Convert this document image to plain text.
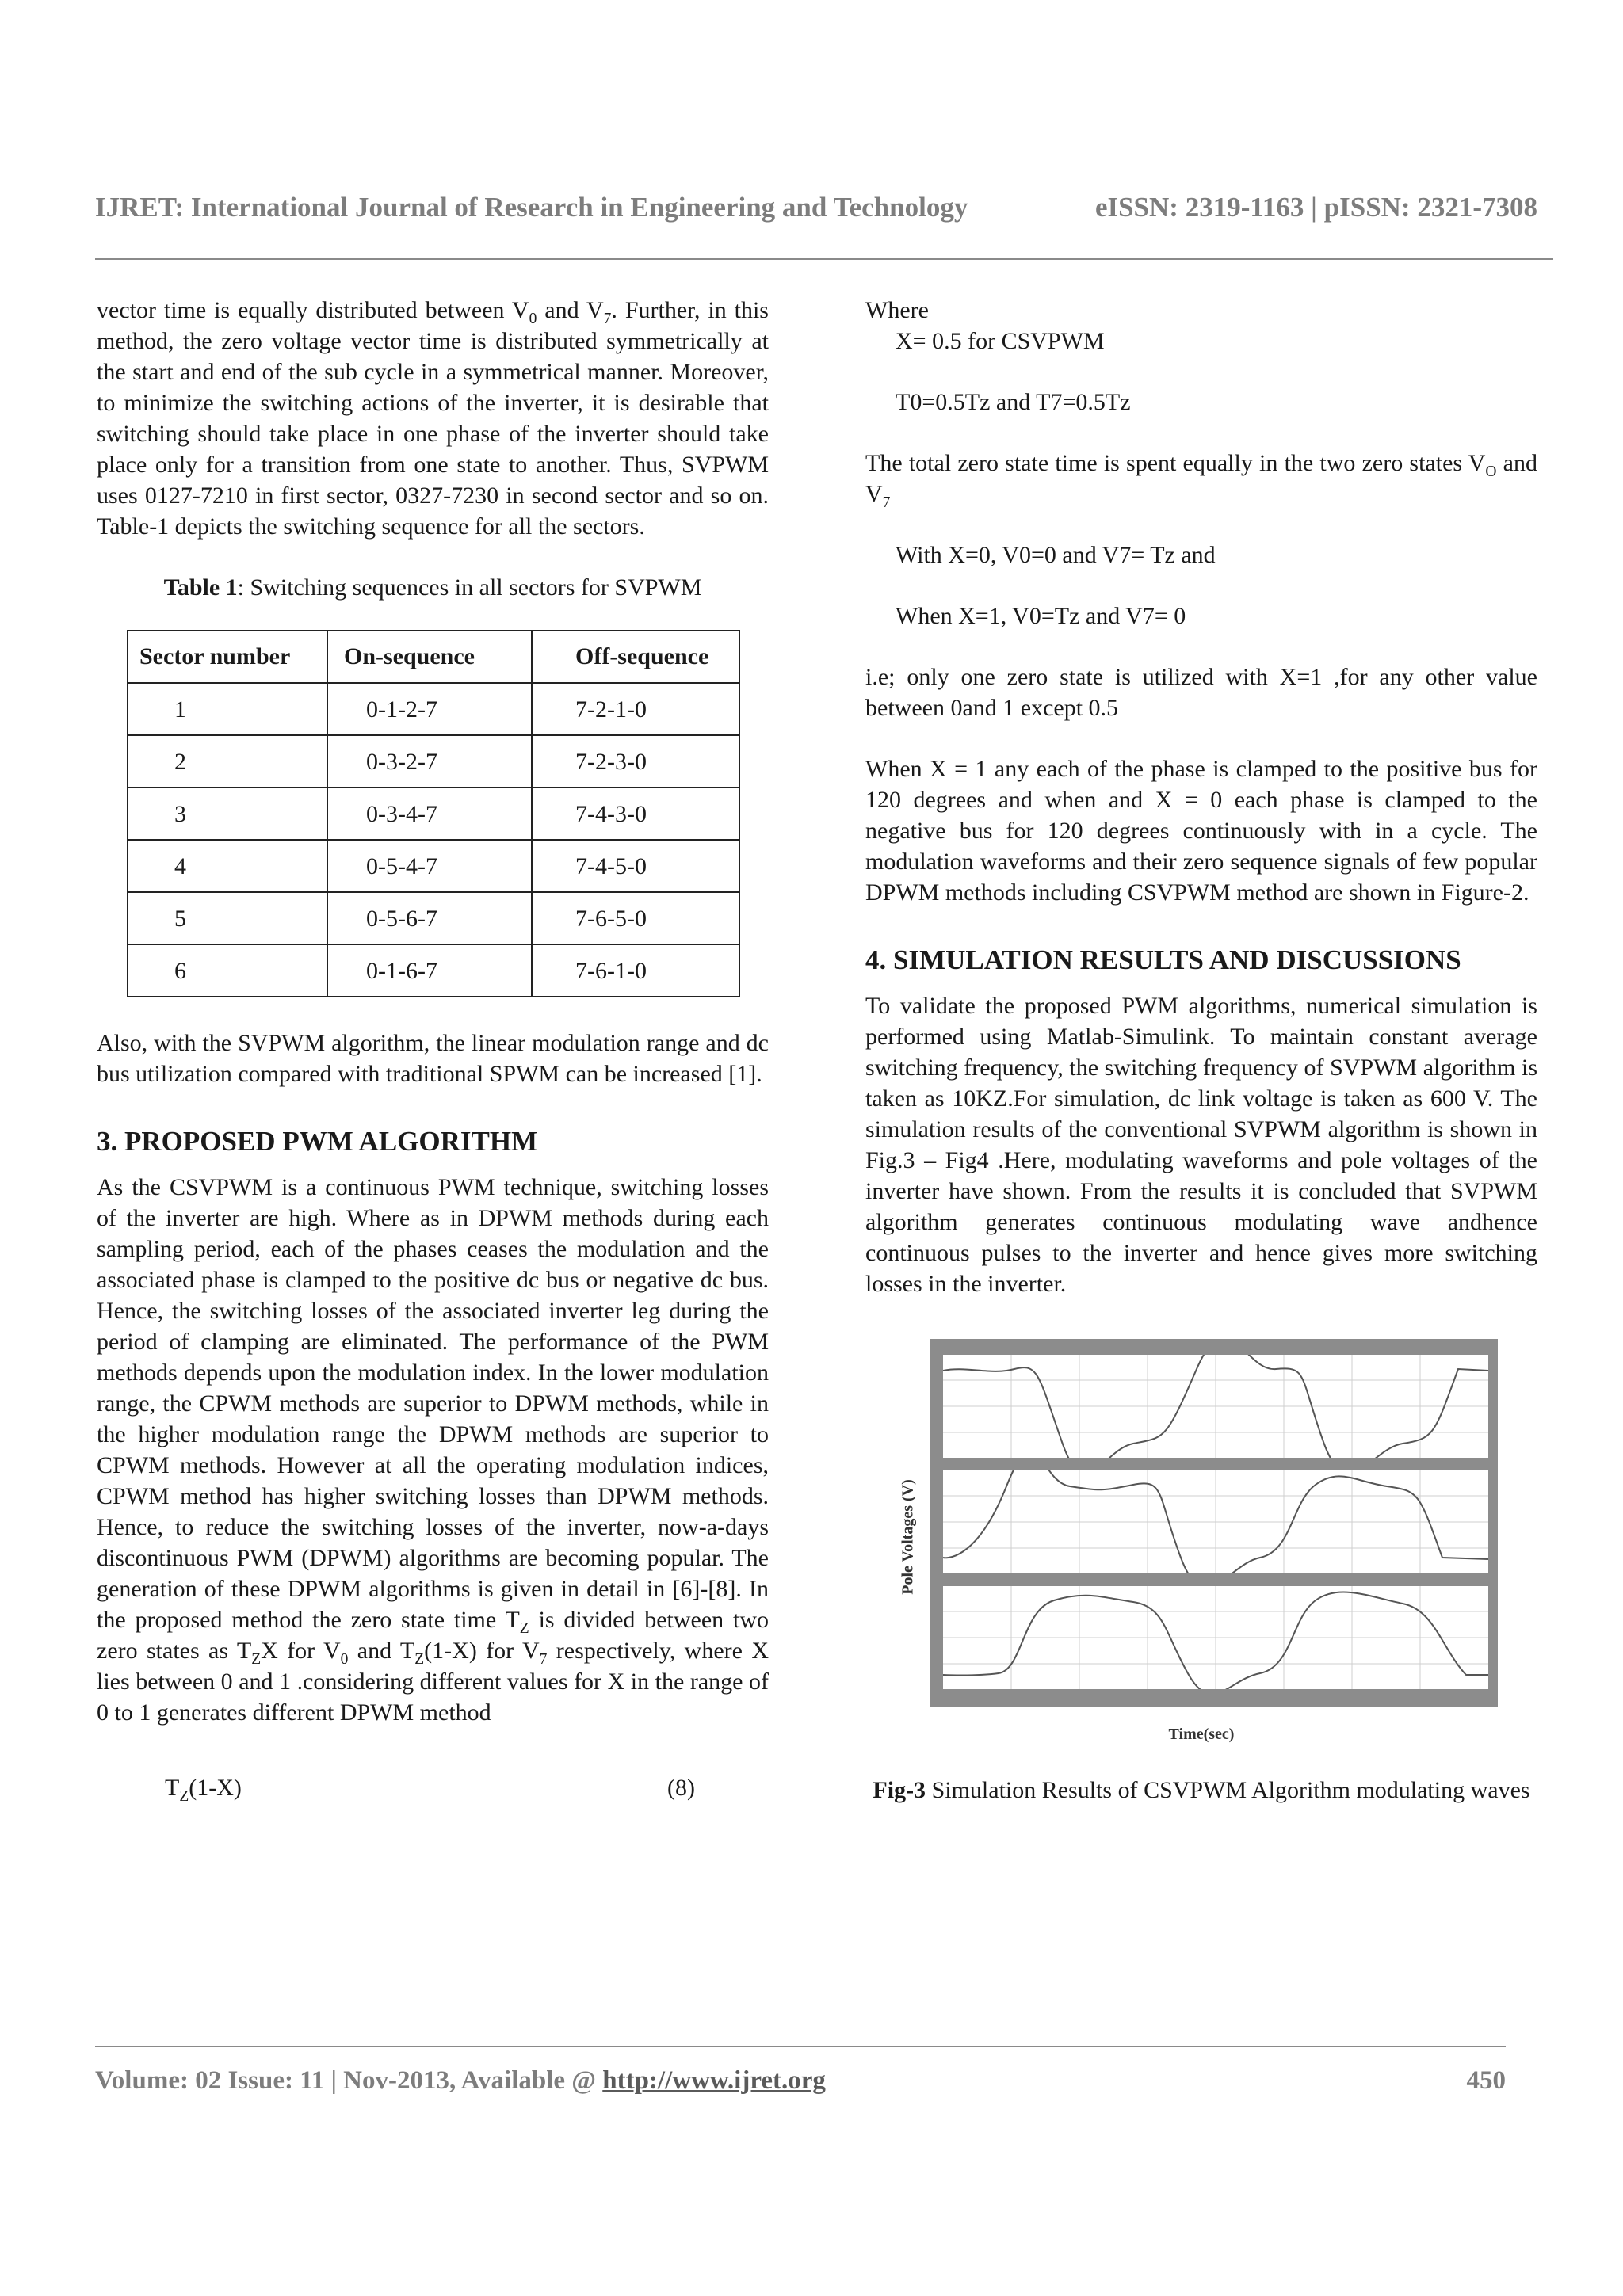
IJRET: International Journal of Research in Engineering and Technology	eISSN: 2319-1163 | pISSN: 2321-7308

vector time is equally distributed between $V_0$ and $V_7$. Further, in this method, the zero voltage vector time is distributed symmetrically at the start and end of the sub cycle in a symmetrical manner. Moreover, to minimize the switching actions of the inverter, it is desirable that switching should take place in one phase of the inverter should take place only for a transition from one state to another. Thus, SVPWM uses 0127-7210 in first sector, 0327-7230 in second sector and so on. Table-1 depicts the switching sequence for all the sectors.

Table 1: Switching sequences in all sectors for SVPWM

Sector number	On-sequence	Off-sequence
1	0-1-2-7	7-2-1-0
2	0-3-2-7	7-2-3-0
3	0-3-4-7	7-4-3-0
4	0-5-4-7	7-4-5-0
5	0-5-6-7	7-6-5-0
6	0-1-6-7	7-6-1-0

Also, with the SVPWM algorithm, the linear modulation range and dc bus utilization compared with traditional SPWM can be increased [1].

3. PROPOSED PWM ALGORITHM

As the CSVPWM is a continuous PWM technique, switching losses of the inverter are high. Where as in DPWM methods during each sampling period, each of the phases ceases the modulation and the associated phase is clamped to the positive dc bus or negative dc bus. Hence, the switching losses of the associated inverter leg during the period of clamping are eliminated. The performance of the PWM methods depends upon the modulation index. In the lower modulation range, the CPWM methods are superior to DPWM methods, while in the higher modulation range the DPWM methods are superior to CPWM methods. However at all the operating modulation indices, CPWM method has higher switching losses than DPWM methods. Hence, to reduce the switching losses of the inverter, now-a-days discontinuous PWM (DPWM) algorithms are becoming popular. The generation of these DPWM algorithms is given in detail in [6]-[8]. In the proposed method the zero state time $T_Z$ is divided between two zero states as $T_ZX$ for $V_0$ and $T_Z(1-X)$ for $V_7$ respectively, where X lies between 0 and 1 .considering different values for X in the range of 0 to 1 generates different DPWM method

$T_Z(1-X)$	(8)

Where

X= 0.5 for CSVPWM

T0=0.5Tz and T7=0.5Tz

The total zero state time is spent equally in the two zero states $V_O$ and $V_7$

With X=0, V0=0 and V7= Tz and

When X=1, V0=Tz and V7= 0

i.e; only one zero state is utilized with X=1 ,for any other value between 0and 1 except 0.5

When X = 1 any each of the phase is clamped to the positive bus for 120 degrees and when and X = 0 each phase is clamped to the negative bus for 120 degrees continuously with in a cycle. The modulation waveforms and their zero sequence signals of few popular DPWM methods including CSVPWM method are shown in Figure-2.

4. SIMULATION RESULTS AND DISCUSSIONS

To validate the proposed PWM algorithms, numerical simulation is performed using Matlab-Simulink. To maintain constant average switching frequency, the switching frequency of SVPWM algorithm is taken as 10KZ.For simulation, dc link voltage is taken as 600 V. The simulation results of the conventional SVPWM algorithm is shown in Fig.3 – Fig4 .Here, modulating waveforms and pole voltages of the inverter have shown. From the results it is concluded that SVPWM algorithm generates continuous modulating wave andhence continuous pulses to the inverter and hence gives more switching losses in the inverter.

Pole Voltages (V)
Time(sec)

Fig-3 Simulation Results of CSVPWM Algorithm modulating waves

Volume: 02 Issue: 11 | Nov-2013, Available @ http://www.ijret.org	450
